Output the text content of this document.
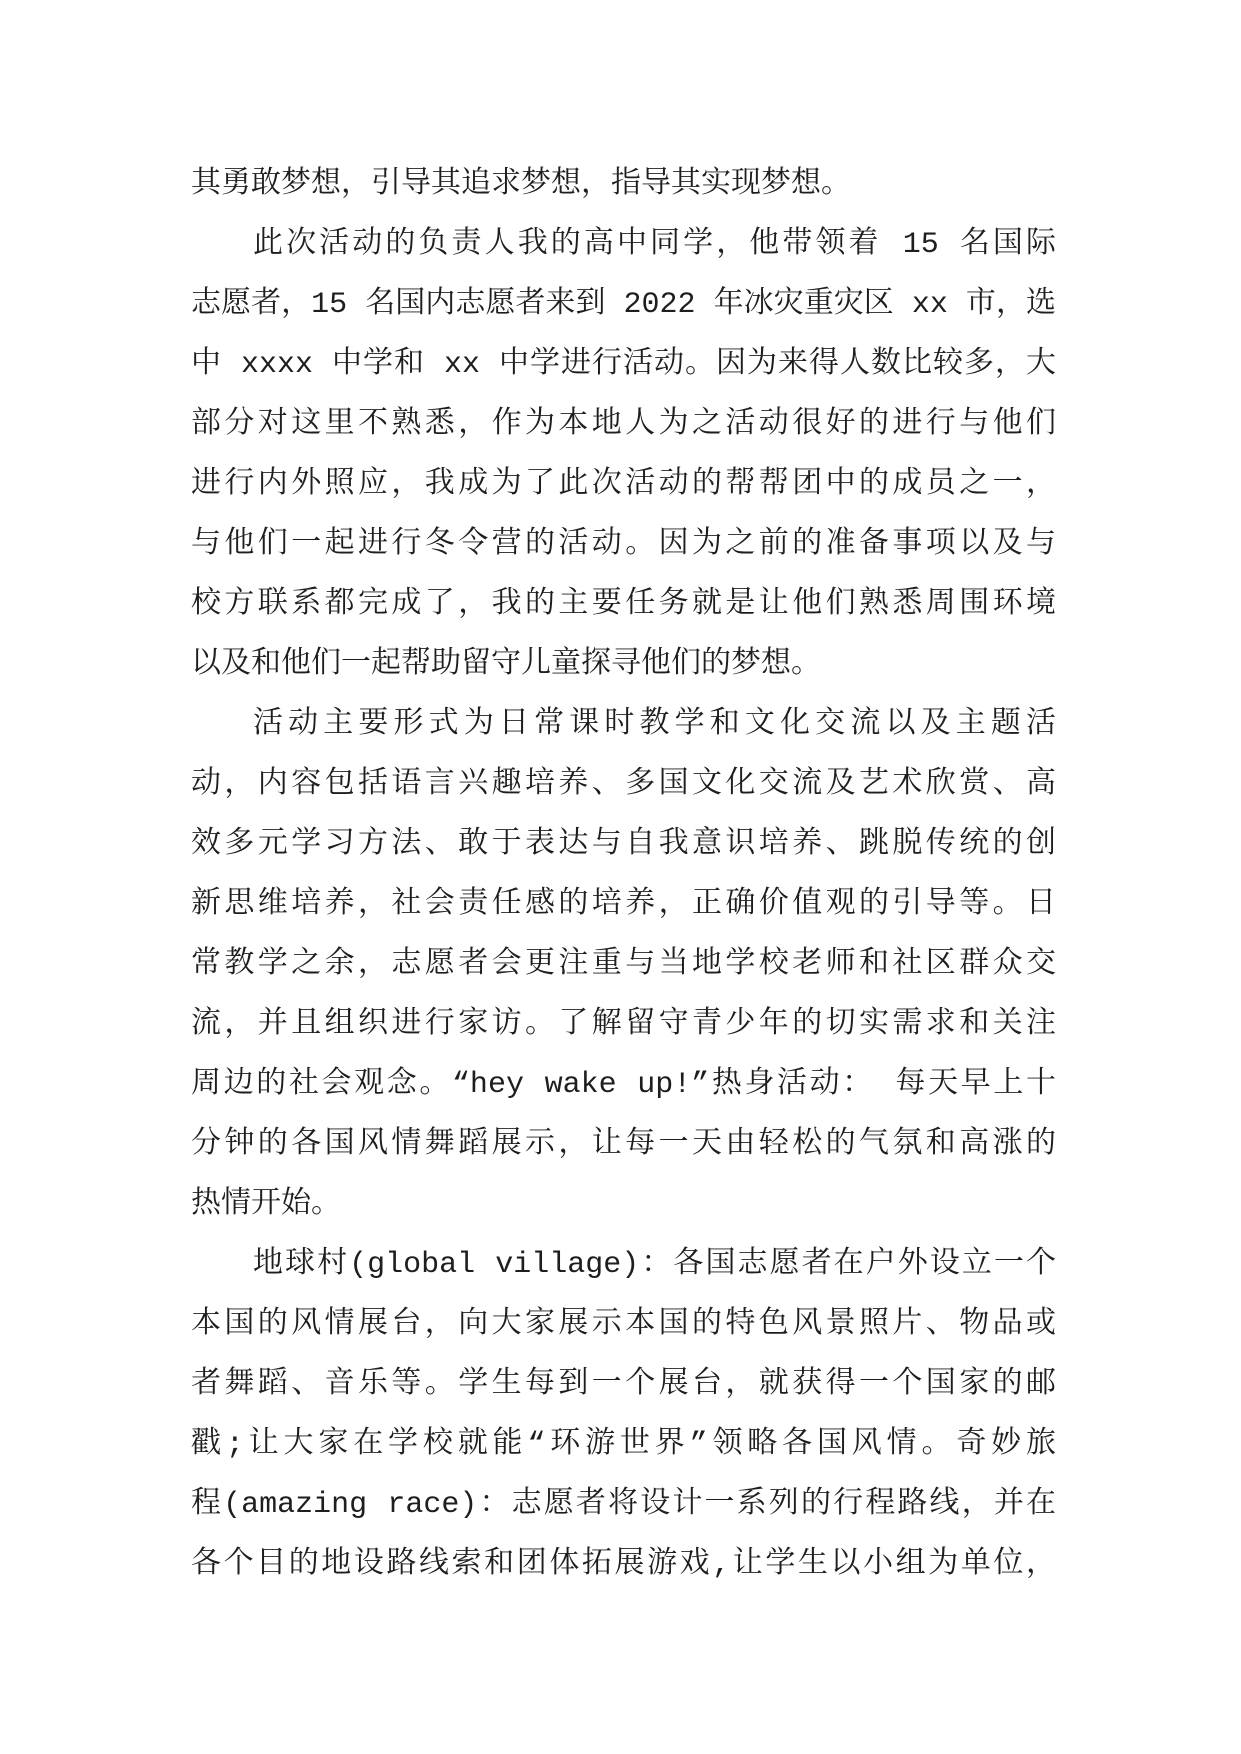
其勇敢梦想，引导其追求梦想，指导其实现梦想。
此次活动的负责人我的高中同学，他带领着 15 名国际
志愿者，15 名国内志愿者来到 2022 年冰灾重灾区 xx 市，选
中 xxxx 中学和 xx 中学进行活动。因为来得人数比较多，大
部分对这里不熟悉，作为本地人为之活动很好的进行与他们
进行内外照应，我成为了此次活动的帮帮团中的成员之一，
与他们一起进行冬令营的活动。因为之前的准备事项以及与
校方联系都完成了，我的主要任务就是让他们熟悉周围环境
以及和他们一起帮助留守儿童探寻他们的梦想。
活动主要形式为日常课时教学和文化交流以及主题活
动，内容包括语言兴趣培养、多国文化交流及艺术欣赏、高
效多元学习方法、敢于表达与自我意识培养、跳脱传统的创
新思维培养，社会责任感的培养，正确价值观的引导等。日
常教学之余，志愿者会更注重与当地学校老师和社区群众交
流，并且组织进行家访。了解留守青少年的切实需求和关注
周边的社会观念。“hey wake up!”热身活动： 每天早上十
分钟的各国风情舞蹈展示，让每一天由轻松的气氛和高涨的
热情开始。
地球村(global village)：各国志愿者在户外设立一个
本国的风情展台，向大家展示本国的特色风景照片、物品或
者舞蹈、音乐等。学生每到一个展台，就获得一个国家的邮
戳;让大家在学校就能“环游世界”领略各国风情。奇妙旅
程(amazing race)：志愿者将设计一系列的行程路线，并在
各个目的地设路线索和团体拓展游戏,让学生以小组为单位，
